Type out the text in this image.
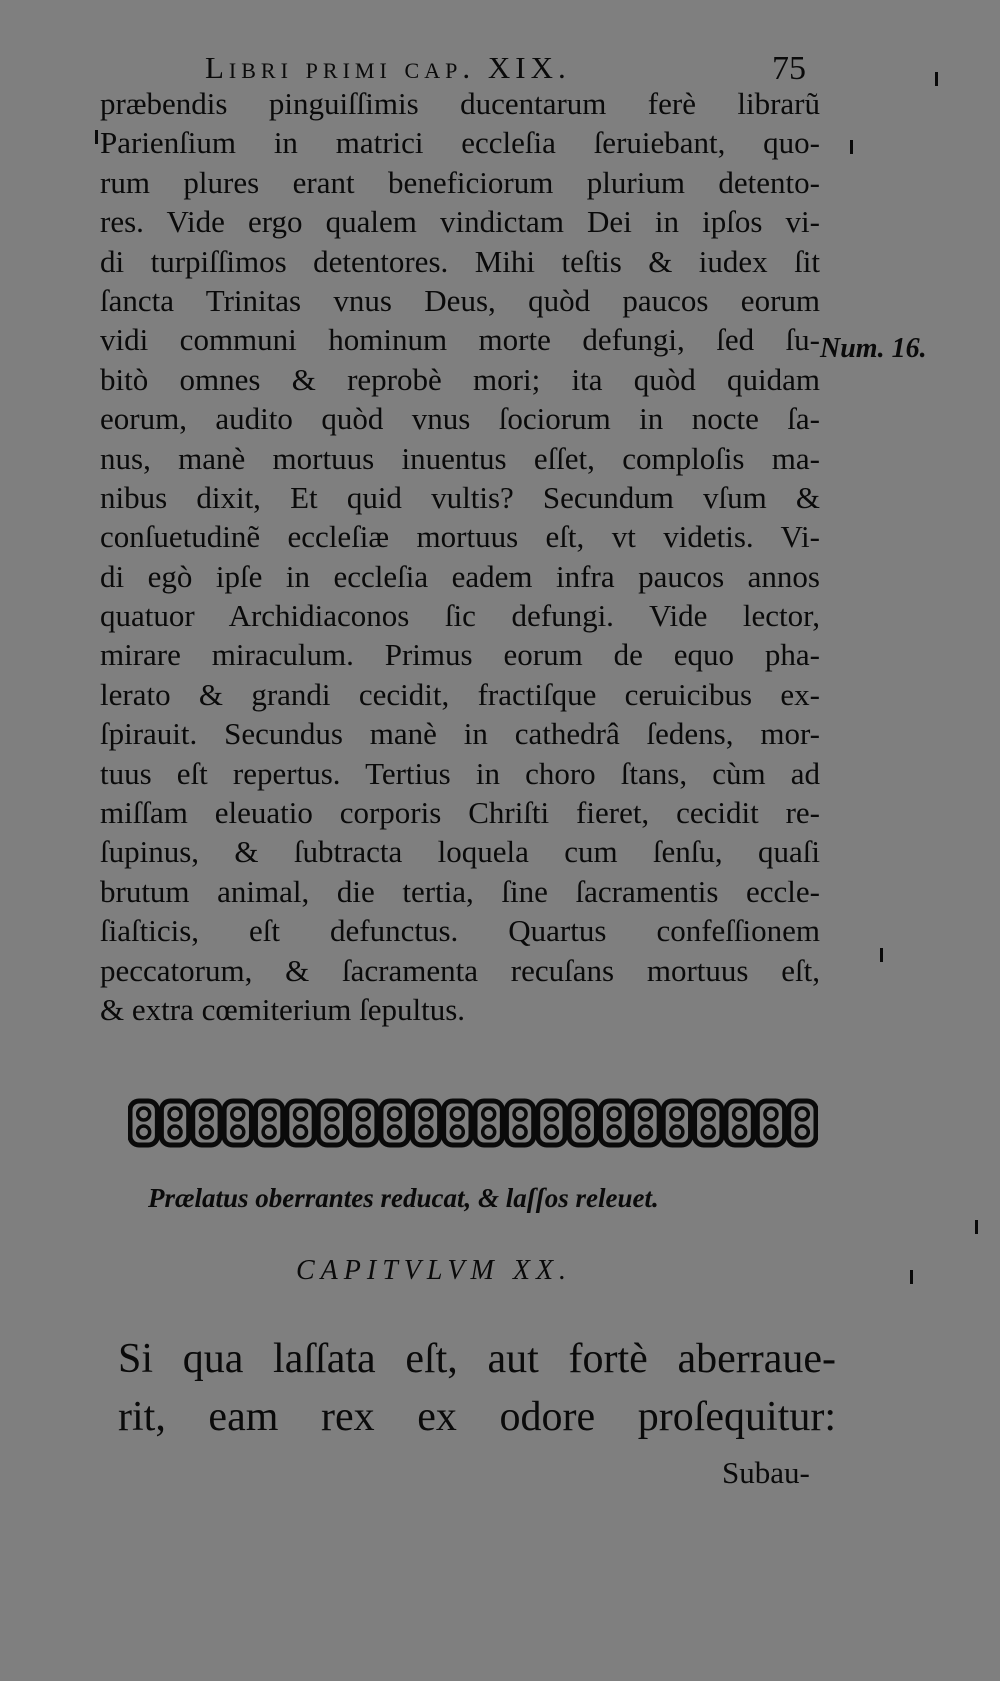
Libri primi cap. XIX.	75
præbendis pinguiſſimis ducentarum ferè librarũ
Parienſium in matrici eccleſia ſeruiebant, quo-
rum plures erant beneficiorum plurium detento-
res. Vide ergo qualem vindictam Dei in ipſos vi-
di turpiſſimos detentores. Mihi teſtis & iudex ſit
ſancta Trinitas vnus Deus, quòd paucos eorum
vidi communi hominum morte defungi, ſed ſu-
bitò omnes & reprobè mori; ita quòd quidam
eorum, audito quòd vnus ſociorum in nocte ſa-
nus, manè mortuus inuentus eſſet, comploſis ma-
nibus dixit, Et quid vultis? Secundum vſum &
conſuetudinẽ eccleſiæ mortuus eſt, vt videtis. Vi-
di egò ipſe in eccleſia eadem infra paucos annos
quatuor Archidiaconos ſic defungi. Vide lector,
mirare miraculum. Primus eorum de equo pha-
lerato & grandi cecidit, fractiſque ceruicibus ex-
ſpirauit. Secundus manè in cathedrâ ſedens, mor-
tuus eſt repertus. Tertius in choro ſtans, cùm ad
miſſam eleuatio corporis Chriſti fieret, cecidit re-
ſupinus, & ſubtracta loquela cum ſenſu, quaſi
brutum animal, die tertia, ſine ſacramentis eccle-
ſiaſticis, eſt defunctus. Quartus confeſſionem
peccatorum, & ſacramenta recuſans mortuus eſt,
& extra cœmiterium ſepultus.
Num. 16.
Prælatus oberrantes reducat, & laſſos releuet.
CAPITVLVM XX.
Si qua laſſata eſt, aut fortè aberraue-
rit, eam rex ex odore proſequitur:
Subau-
